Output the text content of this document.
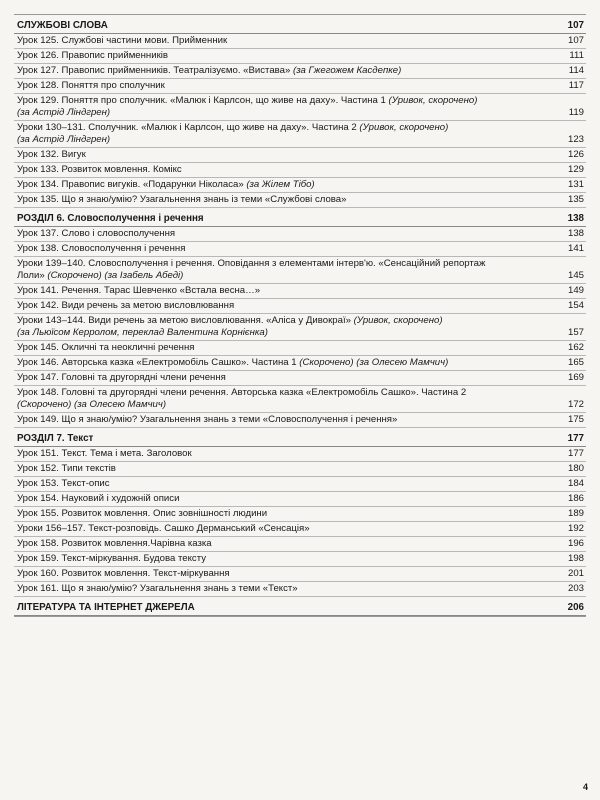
СЛУЖБОВІ СЛОВА	107
Урок 125. Службові частини мови. Прийменник	107
Урок 126. Правопис прийменників	111
Урок 127. Правопис прийменників. Театралізуємо. «Вистава» (за Гжегожем Касдепке)	114
Урок 128. Поняття про сполучник	117
Урок 129. Поняття про сполучник. «Малюк і Карлсон, що живе на даху». Частина 1 (Уривок, скорочено)
(за Астрід Ліндгрен)	119
Уроки 130–131. Сполучник. «Малюк і Карлсон, що живе на даху». Частина 2 (Уривок, скорочено)
(за Астрід Ліндгрен)	123
Урок 132. Вигук	126
Урок 133. Розвиток мовлення. Комікс	129
Урок 134. Правопис вигуків. «Подарунки Ніколаса» (за Жілем Тібо)	131
Урок 135. Що я знаю/умію? Узагальнення знань із теми «Службові слова»	135
РОЗДІЛ 6. Словосполучення і речення	138
Урок 137. Слово і словосполучення	138
Урок 138. Словосполучення і речення	141
Уроки 139–140. Словосполучення і речення. Оповідання з елементами інтерв'ю. «Сенсаційний репортаж
Лоли» (Скорочено) (за Ізабель Абеді)	145
Урок 141. Речення. Тарас Шевченко «Встала весна…»	149
Урок 142. Види речень за метою висловлювання	154
Уроки 143–144. Види речень за метою висловлювання. «Аліса у Дивокраї» (Уривок, скорочено)
(за Льюїсом Керролом, переклад Валентина Корнієнка)	157
Урок 145. Окличні та неокличні речення	162
Урок 146. Авторська казка «Електромобіль Сашко». Частина 1 (Скорочено) (за Олесею Мамчич)	165
Урок 147. Головні та другорядні члени речення	169
Урок 148. Головні та другорядні члени речення. Авторська казка «Електромобіль Сашко». Частина 2
(Скорочено) (за Олесею Мамчич)	172
Урок 149. Що я знаю/умію? Узагальнення знань з теми «Словосполучення і речення»	175
РОЗДІЛ 7. Текст	177
Урок 151. Текст. Тема і мета. Заголовок	177
Урок 152. Типи текстів	180
Урок 153. Текст-опис	184
Урок 154. Науковий і художній описи	186
Урок 155. Розвиток мовлення. Опис зовнішності людини	189
Уроки 156–157. Текст-розповідь. Сашко Дерманський «Сенсація»	192
Урок 158. Розвиток мовлення.Чарівна казка	196
Урок 159. Текст-міркування. Будова тексту	198
Урок 160. Розвиток мовлення. Текст-міркування	201
Урок 161. Що я знаю/умію? Узагальнення знань з теми «Текст»	203
ЛІТЕРАТУРА ТА ІНТЕРНЕТ ДЖЕРЕЛА	206
4
